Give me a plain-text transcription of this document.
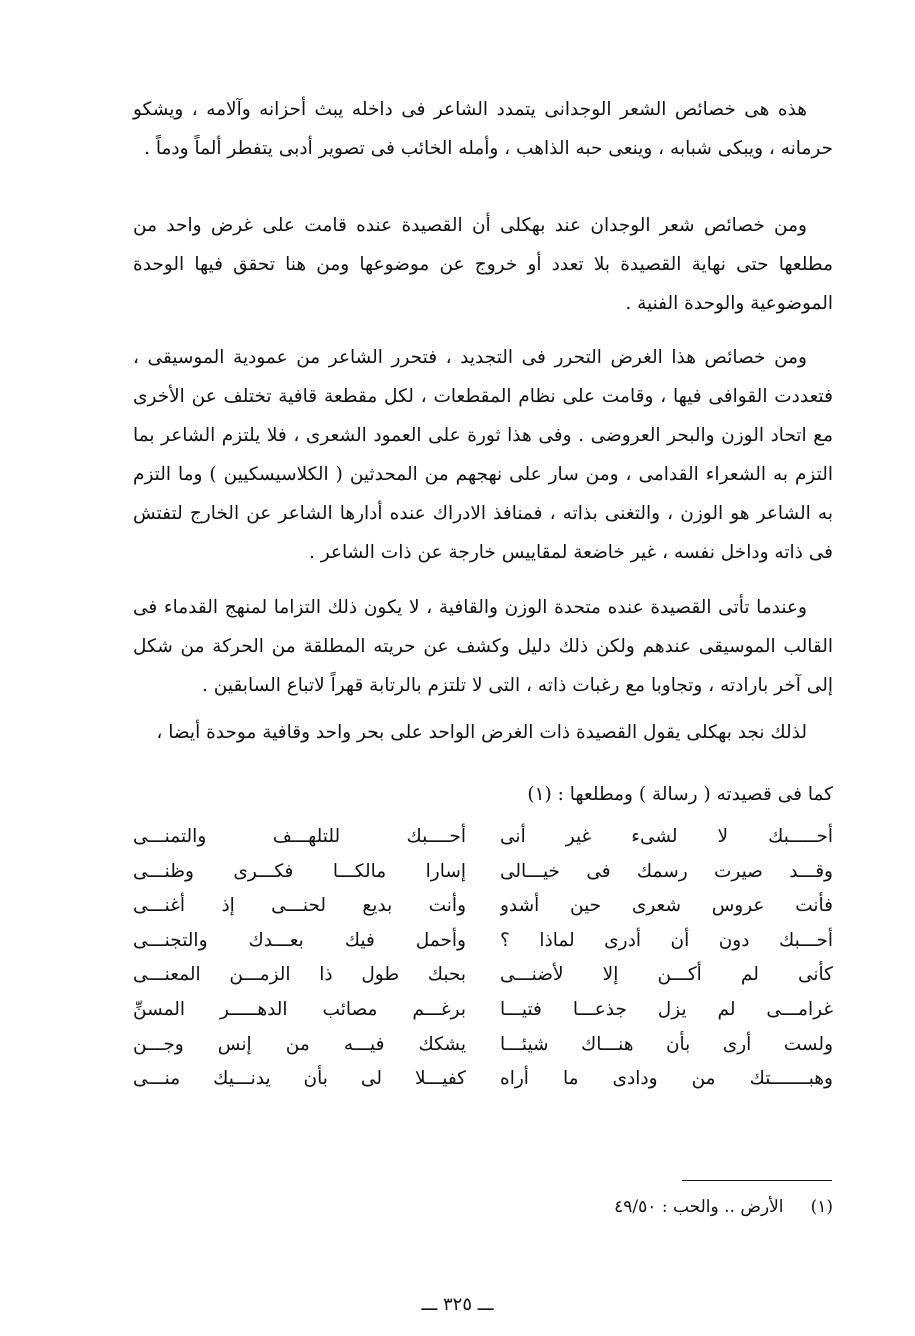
هذه هى خصائص الشعر الوجدانى يتمدد الشاعر فى داخله يبث أحزانه وآلامه ، ويشكو حرمانه ، ويبكى شبابه ، وينعى حبه الذاهب ، وأمله الخائب فى تصوير أدبى يتفطر ألماً ودماً .

ومن خصائص شعر الوجدان عند بهكلى أن القصيدة عنده قامت على غرض واحد من مطلعها حتى نهاية القصيدة بلا تعدد أو خروج عن موضوعها ومن هنا تحقق فيها الوحدة الموضوعية والوحدة الفنية .

ومن خصائص هذا الغرض التحرر فى التجديد ، فتحرر الشاعر من عمودية الموسيقى ، فتعددت القوافى فيها ، وقامت على نظام المقطعات ، لكل مقطعة قافية تختلف عن الأخرى مع اتحاد الوزن والبحر العروضى . وفى هذا ثورة على العمود الشعرى ، فلا يلتزم الشاعر بما التزم به الشعراء القدامى ، ومن سار على نهجهم من المحدثين ( الكلاسيسكيين ) وما التزم به الشاعر هو الوزن ، والتغنى بذاته ، فمنافذ الادراك عنده أدارها الشاعر عن الخارج لتفتش فى ذاته وداخل نفسه ، غير خاضعة لمقاييس خارجة عن ذات الشاعر .

وعندما تأتى القصيدة عنده متحدة الوزن والقافية ، لا يكون ذلك التزاما لمنهج القدماء فى القالب الموسيقى عندهم ولكن ذلك دليل وكشف عن حريته المطلقة من الحركة من شكل إلى آخر بارادته ، وتجاوبا مع رغبات ذاته ، التى لا تلتزم بالرتابة قهراً لاتباع السابقين .

لذلك نجد بهكلى يقول القصيدة ذات الغرض الواحد على بحر واحد وقافية موحدة أيضا ،

كما فى قصيدته ( رسالة ) ومطلعها : (١)
أحـــــبك لا لشىء غير أنى
أحــــبك للتلهـــف والتمنـــى
وقـــد صيرت رسمك فى خيـــالى
إسارا مالكـــا فكـــرى وظنـــى
فأنت عروس شعرى حين أشدو
وأنت بديع لحنـــى إذ أغنـــى
أحـــبك دون أن أدرى لماذا ؟
وأحمل فيك بعـــدك والتجنـــى
كأنى لم أكـــن إلا لأضنـــى
بحبك طول ذا الزمـــن المعنـــى
غرامـــى لم يزل جذعـــا فتيـــا
برغـــم مصائب الدهـــــر المسنِّ
ولست أرى بأن هنـــاك شيئـــا
يشكك فيـــه من إنس وجـــن
وهبـــــــتك من ودادى ما أراه
كفيـــلا لى بأن يدنـــيك منـــى
(١)     الأرض .. والحب : ٤٩/٥٠
ـــ ٣٢٥ ـــ
